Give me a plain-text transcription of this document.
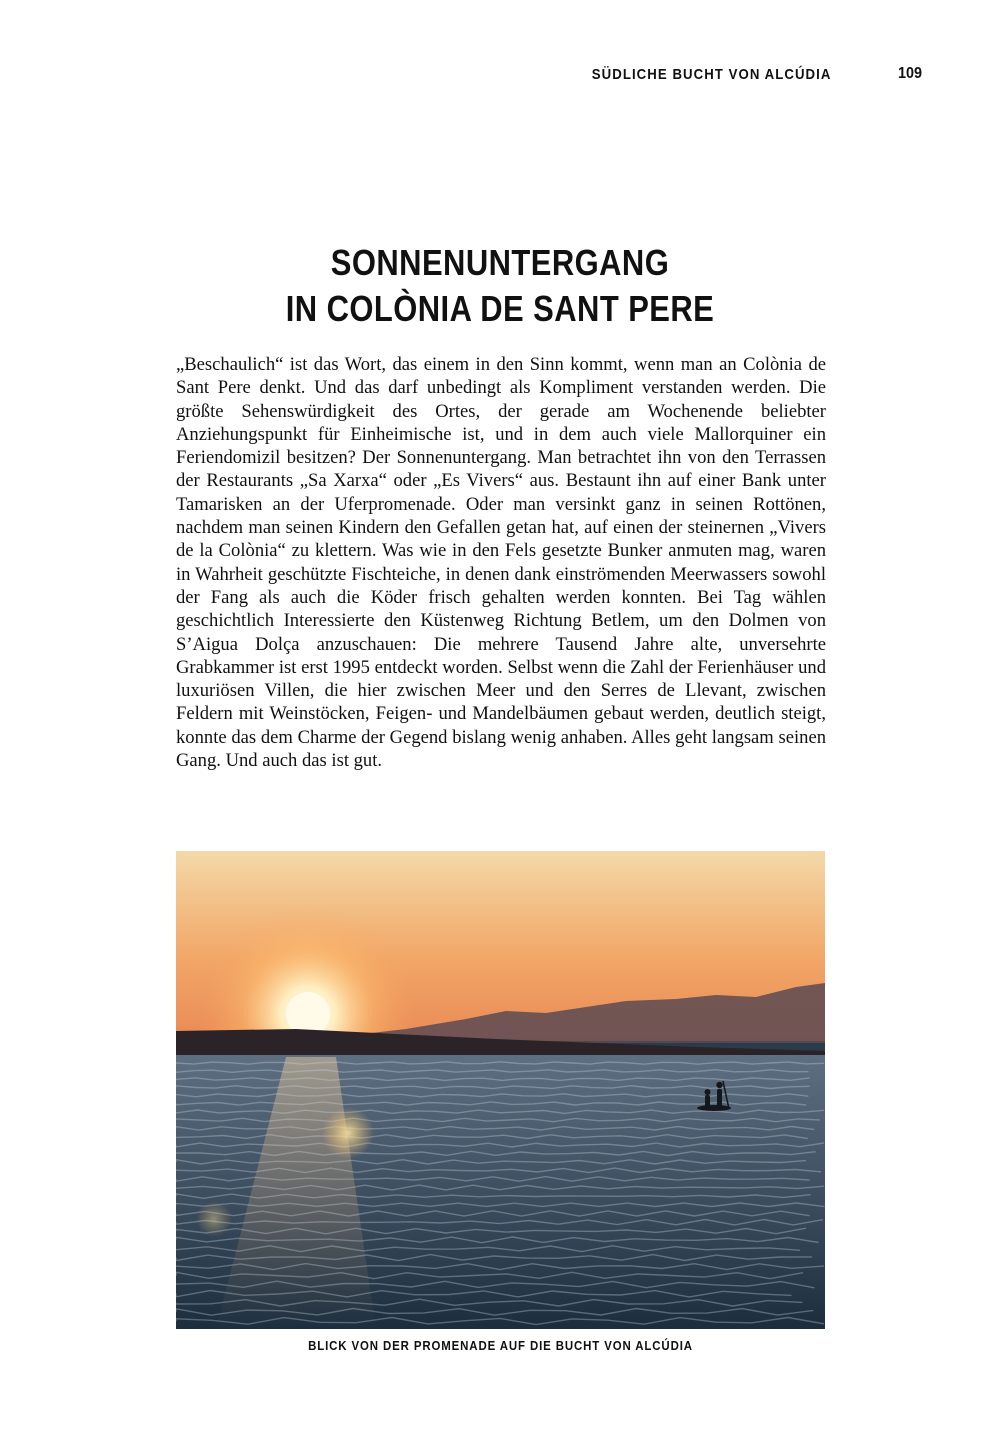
SÜDLICHE BUCHT VON ALCÚDIA	109
SONNENUNTERGANG
IN COLÒNIA DE SANT PERE

„Beschaulich“ ist das Wort, das einem in den Sinn kommt, wenn man an Colònia de Sant Pere denkt. Und das darf unbedingt als Kompliment verstanden werden. Die größte Sehenswürdigkeit des Ortes, der gerade am Wochenende beliebter Anziehungspunkt für Einheimische ist, und in dem auch viele Mallorquiner ein Feriendomizil besitzen? Der Sonnenuntergang. Man betrachtet ihn von den Terrassen der Restaurants „Sa Xarxa“ oder „Es Vivers“ aus. Bestaunt ihn auf einer Bank unter Tamarisken an der Uferpromenade. Oder man versinkt ganz in seinen Rottönen, nachdem man seinen Kindern den Gefallen getan hat, auf einen der steinernen „Vivers de la Colònia“ zu klettern. Was wie in den Fels gesetzte Bunker anmuten mag, waren in Wahrheit geschützte Fischteiche, in denen dank einströmenden Meerwassers sowohl der Fang als auch die Köder frisch gehalten werden konnten. Bei Tag wählen geschichtlich Interessierte den Küstenweg Richtung Betlem, um den Dolmen von S’Aigua Dolça anzuschauen: Die mehrere Tausend Jahre alte, unversehrte Grabkammer ist erst 1995 entdeckt worden. Selbst wenn die Zahl der Ferienhäuser und luxuriösen Villen, die hier zwischen Meer und den Serres de Llevant, zwischen Feldern mit Weinstöcken, Feigen- und Mandelbäumen gebaut werden, deutlich steigt, konnte das dem Charme der Gegend bislang wenig anhaben. Alles geht langsam seinen Gang. Und auch das ist gut.

BLICK VON DER PROMENADE AUF DIE BUCHT VON ALCÚDIA
